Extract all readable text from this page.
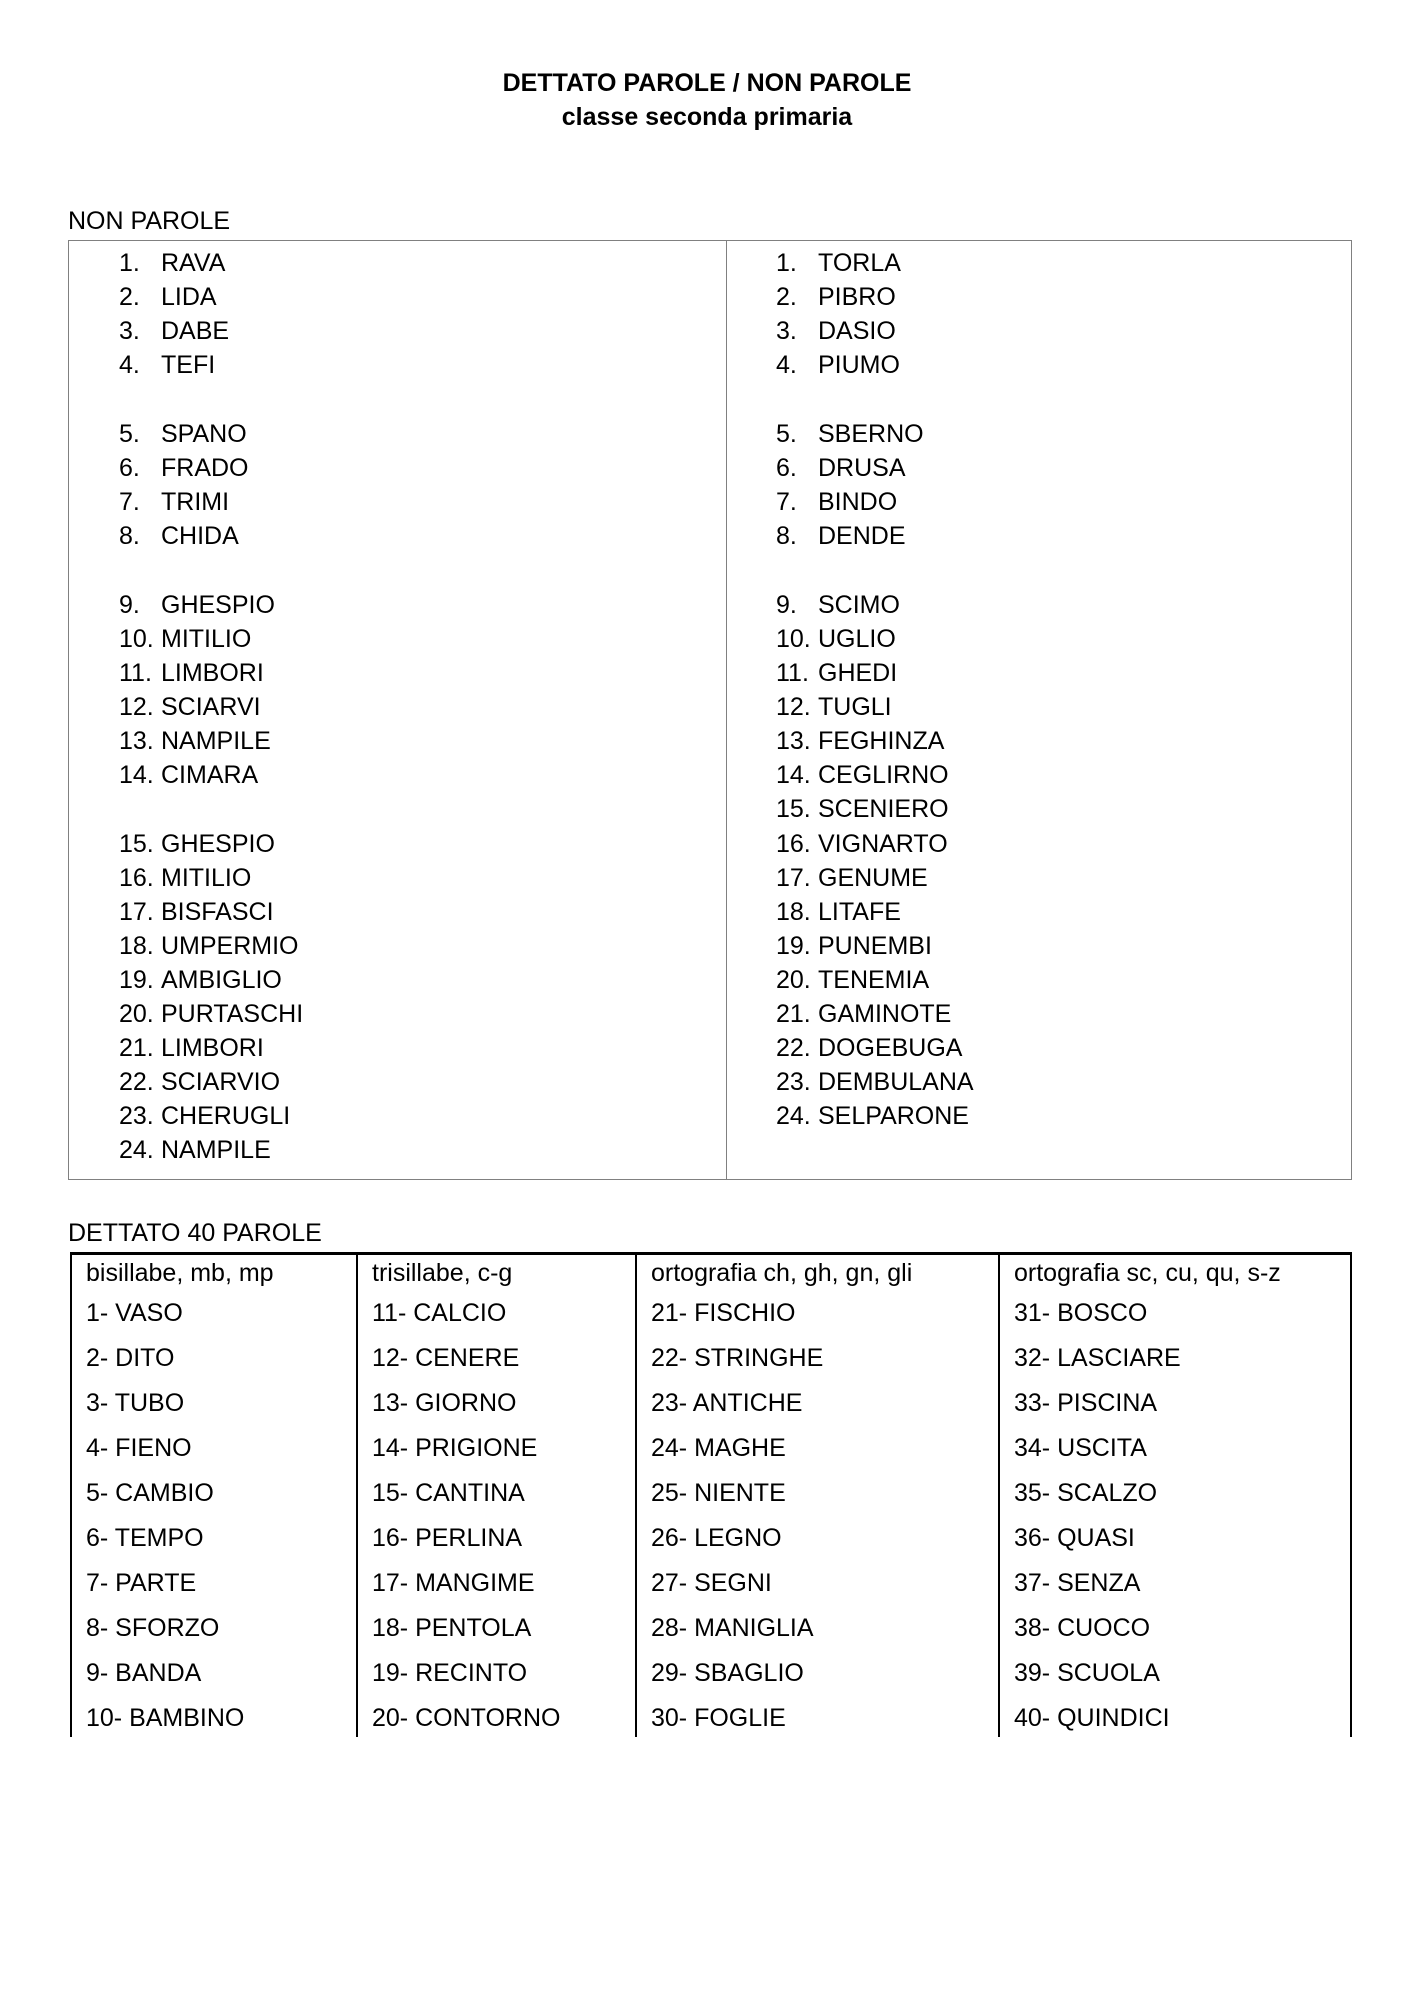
DETTATO PAROLE / NON PAROLE
classe seconda primaria
NON PAROLE
1. RAVA
2. LIDA
3. DABE
4. TEFI
5. SPANO
6. FRADO
7. TRIMI
8. CHIDA
9. GHESPIO
10. MITILIO
11. LIMBORI
12. SCIARVI
13. NAMPILE
14. CIMARA
15. GHESPIO
16. MITILIO
17. BISFASCI
18. UMPERMIO
19. AMBIGLIO
20. PURTASCHI
21. LIMBORI
22. SCIARVIO
23. CHERUGLI
24. NAMPILE
1. TORLA
2. PIBRO
3. DASIO
4. PIUMO
5. SBERNO
6. DRUSA
7. BINDO
8. DENDE
9. SCIMO
10. UGLIO
11. GHEDI
12. TUGLI
13. FEGHINZA
14. CEGLIRNO
15. SCENIERO
16. VIGNARTO
17. GENUME
18. LITAFE
19. PUNEMBI
20. TENEMIA
21. GAMINOTE
22. DOGEBUGA
23. DEMBULANA
24. SELPARONE
DETTATO 40 PAROLE
bisillabe, mb, mp
1- VASO
2- DITO
3- TUBO
4- FIENO
5- CAMBIO
6- TEMPO
7- PARTE
8- SFORZO
9- BANDA
10- BAMBINO
trisillabe, c-g
11- CALCIO
12- CENERE
13- GIORNO
14- PRIGIONE
15- CANTINA
16- PERLINA
17- MANGIME
18- PENTOLA
19- RECINTO
20- CONTORNO
ortografia ch, gh, gn, gli
21- FISCHIO
22- STRINGHE
23- ANTICHE
24- MAGHE
25- NIENTE
26- LEGNO
27- SEGNI
28- MANIGLIA
29- SBAGLIO
30- FOGLIE
ortografia sc, cu, qu, s-z
31- BOSCO
32- LASCIARE
33- PISCINA
34- USCITA
35- SCALZO
36- QUASI
37- SENZA
38- CUOCO
39- SCUOLA
40- QUINDICI
